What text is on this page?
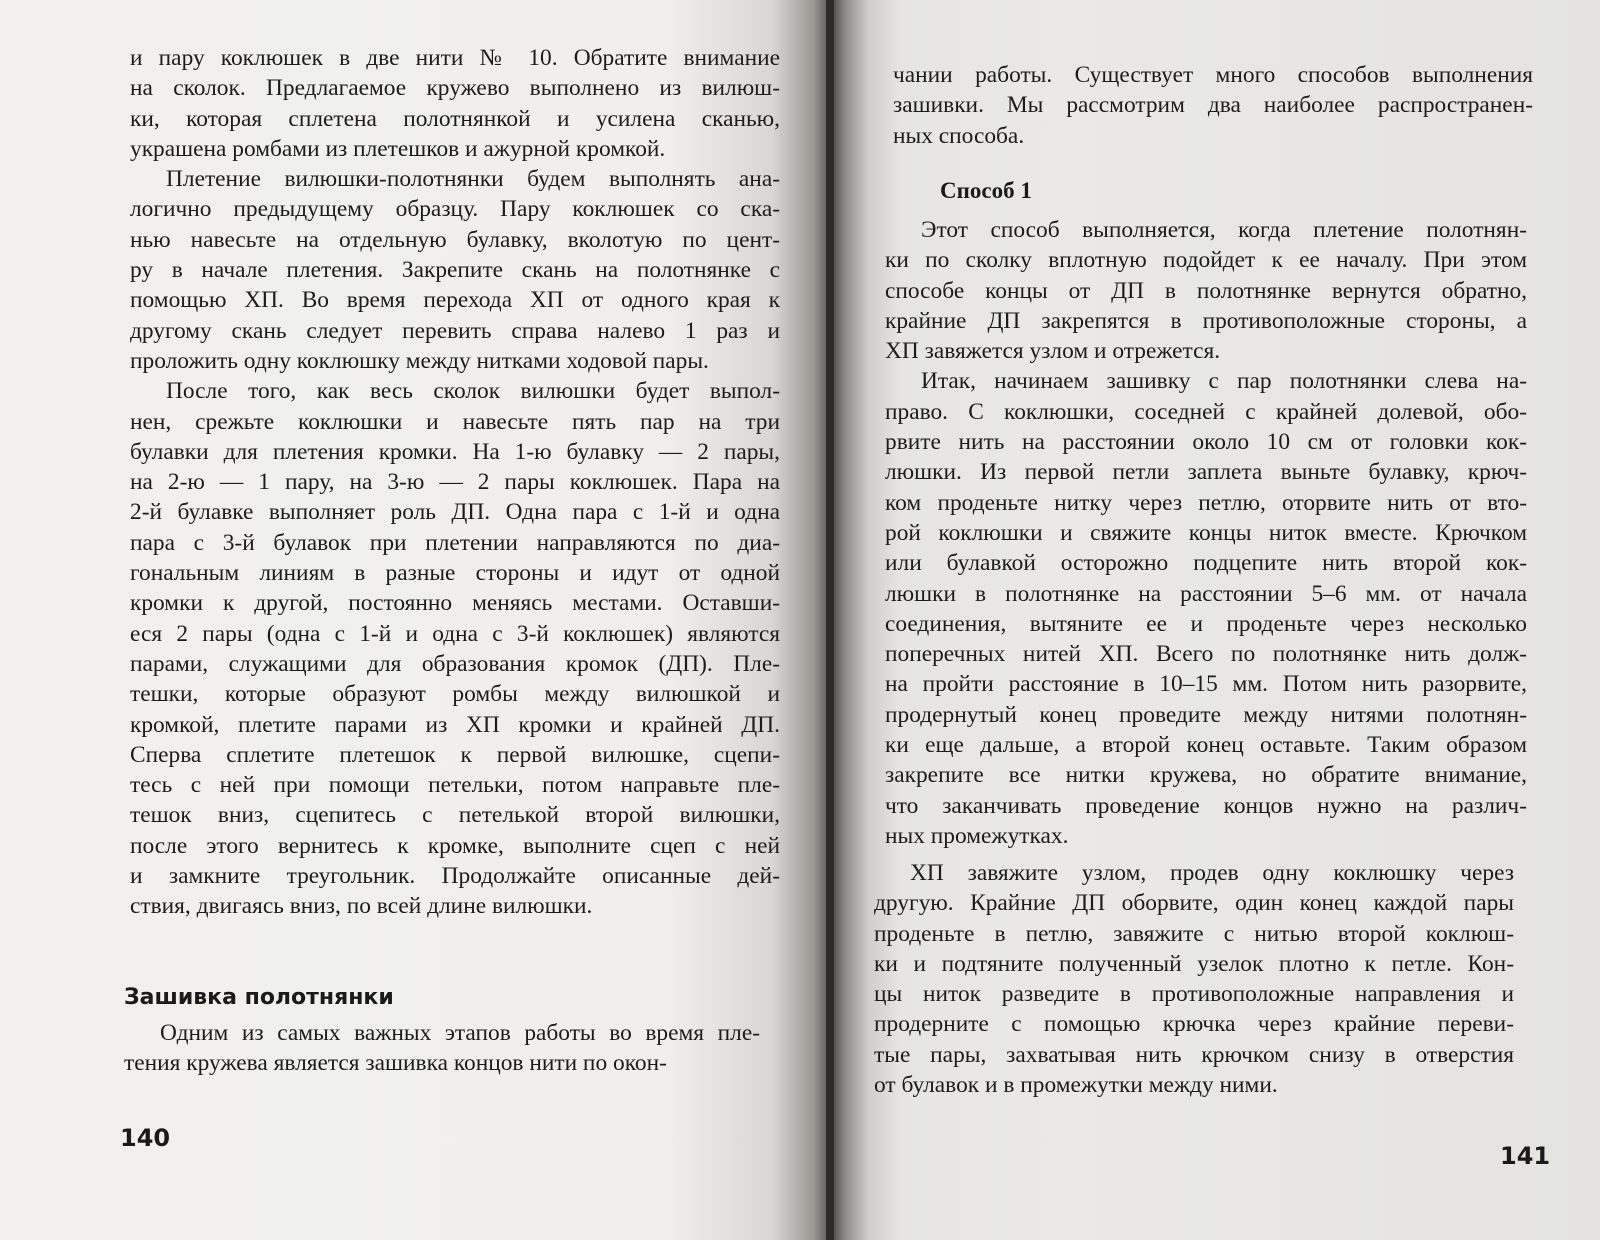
и пару коклюшек в две нити № 10. Обратите внимание
на сколок. Предлагаемое кружево выполнено из вилюш-
ки, которая сплетена полотнянкой и усилена сканью,
украшена ромбами из плетешков и ажурной кромкой.
Плетение вилюшки-полотнянки будем выполнять ана-
логично предыдущему образцу. Пару коклюшек со ска-
нью навесьте на отдельную булавку, вколотую по цент-
ру в начале плетения. Закрепите скань на полотнянке с
помощью ХП. Во время перехода ХП от одного края к
другому скань следует перевить справа налево 1 раз и
проложить одну коклюшку между нитками ходовой пары.
После того, как весь сколок вилюшки будет выпол-
нен, срежьте коклюшки и навесьте пять пар на три
булавки для плетения кромки. На 1-ю булавку — 2 пары,
на 2-ю — 1 пару, на 3-ю — 2 пары коклюшек. Пара на
2-й булавке выполняет роль ДП. Одна пара с 1-й и одна
пара с 3-й булавок при плетении направляются по диа-
гональным линиям в разные стороны и идут от одной
кромки к другой, постоянно меняясь местами. Оставши-
еся 2 пары (одна с 1-й и одна с 3-й коклюшек) являются
парами, служащими для образования кромок (ДП). Пле-
тешки, которые образуют ромбы между вилюшкой и
кромкой, плетите парами из ХП кромки и крайней ДП.
Сперва сплетите плетешок к первой вилюшке, сцепи-
тесь с ней при помощи петельки, потом направьте пле-
тешок вниз, сцепитесь с петелькой второй вилюшки,
после этого вернитесь к кромке, выполните сцеп с ней
и замкните треугольник. Продолжайте описанные дей-
ствия, двигаясь вниз, по всей длине вилюшки.
Зашивка полотнянки
Одним из самых важных этапов работы во время пле-
тения кружева является зашивка концов нити по окон-
140
чании работы. Существует много способов выполнения
зашивки. Мы рассмотрим два наиболее распространен-
ных способа.
Способ 1
Этот способ выполняется, когда плетение полотнян-
ки по сколку вплотную подойдет к ее началу. При этом
способе концы от ДП в полотнянке вернутся обратно,
крайние ДП закрепятся в противоположные стороны, а
ХП завяжется узлом и отрежется.
Итак, начинаем зашивку с пар полотнянки слева на-
право. С коклюшки, соседней с крайней долевой, обо-
рвите нить на расстоянии около 10 см от головки кок-
люшки. Из первой петли заплета выньте булавку, крюч-
ком проденьте нитку через петлю, оторвите нить от вто-
рой коклюшки и свяжите концы ниток вместе. Крючком
или булавкой осторожно подцепите нить второй кок-
люшки в полотнянке на расстоянии 5–6 мм. от начала
соединения, вытяните ее и проденьте через несколько
поперечных нитей ХП. Всего по полотнянке нить долж-
на пройти расстояние в 10–15 мм. Потом нить разорвите,
продернутый конец проведите между нитями полотнян-
ки еще дальше, а второй конец оставьте. Таким образом
закрепите все нитки кружева, но обратите внимание,
что заканчивать проведение концов нужно на различ-
ных промежутках.
ХП завяжите узлом, продев одну коклюшку через
другую. Крайние ДП оборвите, один конец каждой пары
проденьте в петлю, завяжите с нитью второй коклюш-
ки и подтяните полученный узелок плотно к петле. Кон-
цы ниток разведите в противоположные направления и
продерните с помощью крючка через крайние переви-
тые пары, захватывая нить крючком снизу в отверстия
от булавок и в промежутки между ними.
141
